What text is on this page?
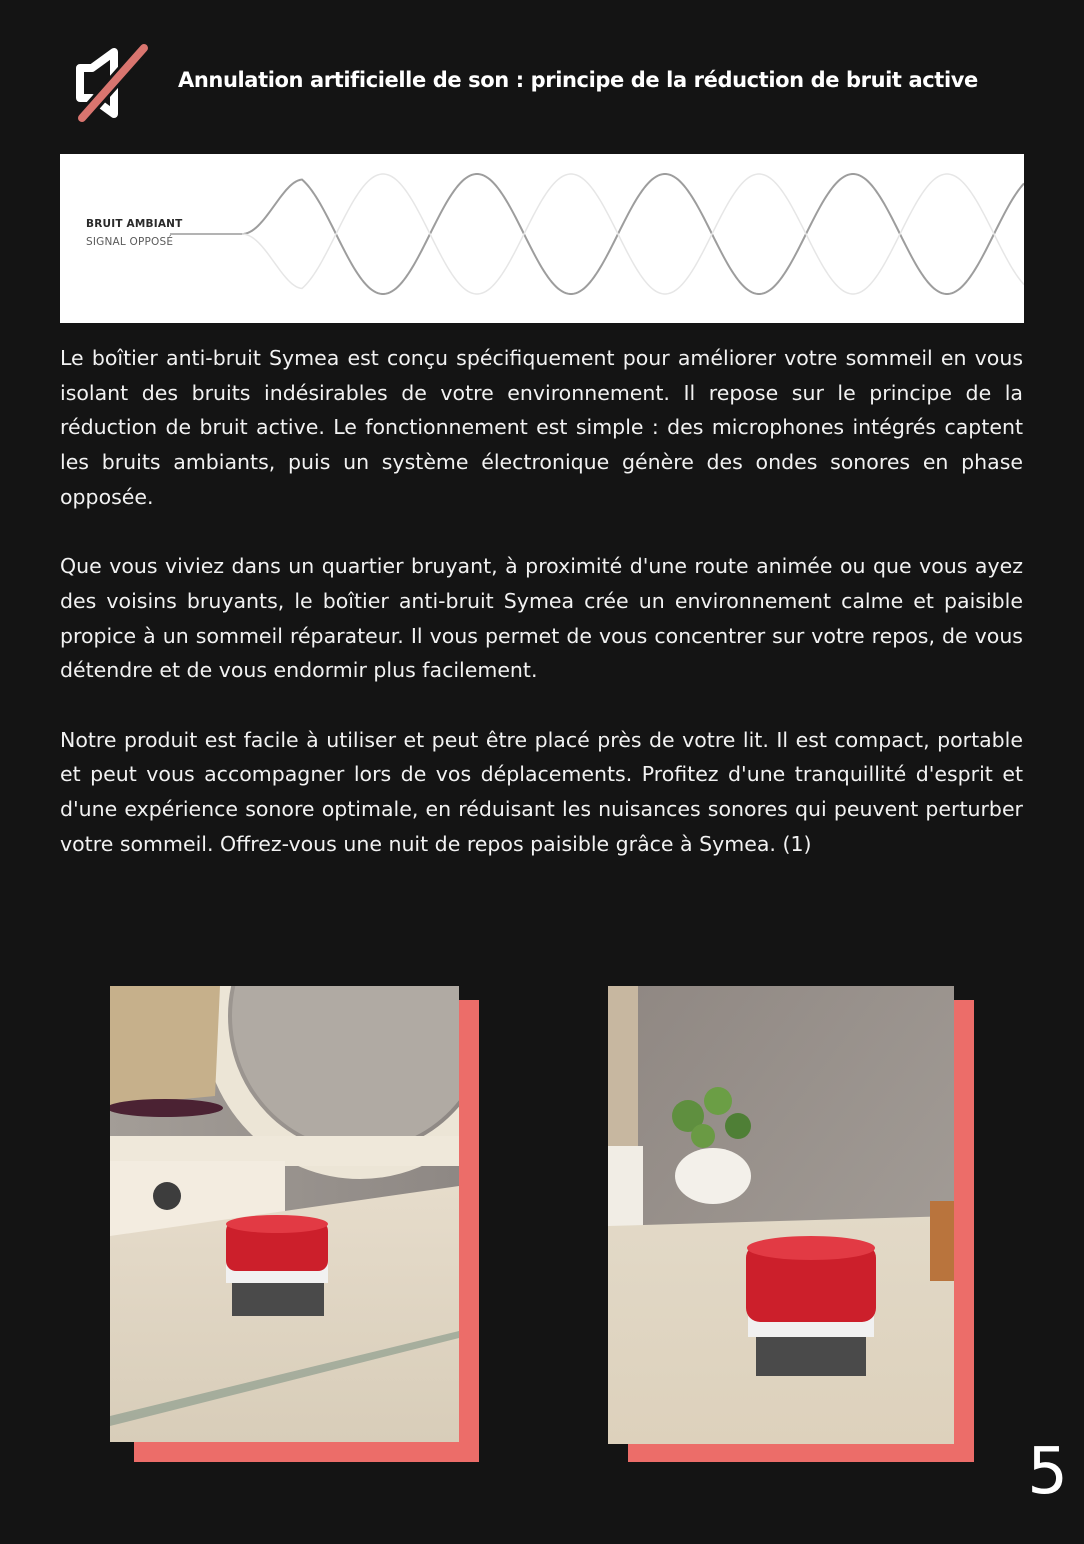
Annulation artificielle de son : principe de la réduction de bruit active
BRUIT AMBIANT
SIGNAL OPPOSÉ

Le boîtier anti-bruit Symea est conçu spécifiquement pour améliorer votre sommeil en vous isolant des bruits indésirables de votre environnement. Il repose sur le principe de la réduction de bruit active. Le fonctionnement est simple : des microphones intégrés captent les bruits ambiants, puis un système électronique génère des ondes sonores en phase opposée.

Que vous viviez dans un quartier bruyant, à proximité d'une route animée ou que vous ayez des voisins bruyants, le boîtier anti-bruit Symea crée un environnement calme et paisible propice à un sommeil réparateur. Il vous permet de vous concentrer sur votre repos, de vous détendre et de vous endormir plus facilement.

Notre produit est facile à utiliser et peut être placé près de votre lit. Il est compact, portable et peut vous accompagner lors de vos déplacements. Profitez d'une tranquillité d'esprit et d'une expérience sonore optimale, en réduisant les nuisances sonores qui peuvent perturber votre sommeil. Offrez-vous une nuit de repos paisible grâce à Symea. (1)

5
